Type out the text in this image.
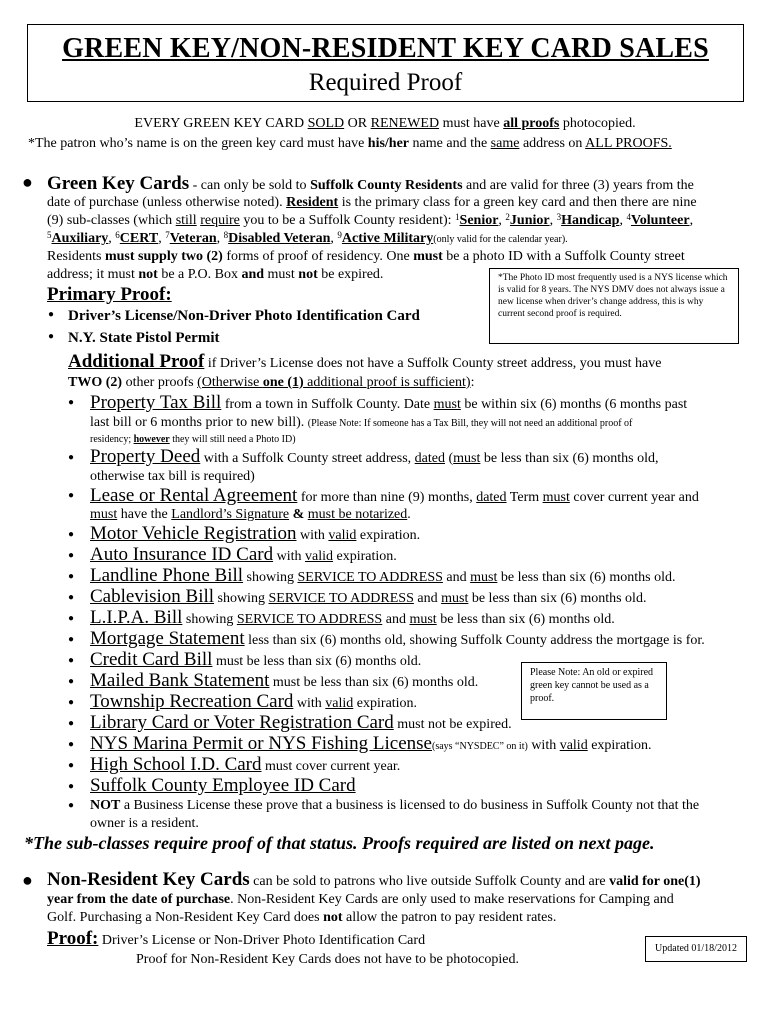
GREEN KEY/NON-RESIDENT KEY CARD SALES
Required Proof
EVERY GREEN KEY CARD SOLD OR RENEWED must have all proofs photocopied.
*The patron who’s name is on the green key card must have his/her name and the same address on ALL PROOFS.
● Green Key Cards - can only be sold to Suffolk County Residents and are valid for three (3) years from the
date of purchase (unless otherwise noted). Resident is the primary class for a green key card and then there are nine
(9) sub-classes (which still require you to be a Suffolk County resident): $^1$Senior, $^2$Junior, $^3$Handicap, $^4$Volunteer,
$^5$Auxiliary, $^6$CERT, $^7$Veteran, $^8$Disabled Veteran, $^9$Active Military(only valid for the calendar year).
Residents must supply two (2) forms of proof of residency. One must be a photo ID with a Suffolk County street
address; it must not be a P.O. Box and must not be expired.	*The Photo ID most frequently used is a NYS license which is valid for 8 years. The NYS DMV does not always issue a new license when driver’s change address, this is why current second proof is required.
Primary Proof:
● Driver’s License/Non-Driver Photo Identification Card
● N.Y. State Pistol Permit
Additional Proof if Driver’s License does not have a Suffolk County street address, you must have
TWO (2) other proofs (Otherwise one (1) additional proof is sufficient):
● Property Tax Bill from a town in Suffolk County. Date must be within six (6) months (6 months past
last bill or 6 months prior to new bill). (Please Note: If someone has a Tax Bill, they will not need an additional proof of
residency; however they will still need a Photo ID)
● Property Deed with a Suffolk County street address, dated (must be less than six (6) months old,
otherwise tax bill is required)
● Lease or Rental Agreement for more than nine (9) months, dated Term must cover current year and
must have the Landlord’s Signature & must be notarized.
● Motor Vehicle Registration with valid expiration.
● Auto Insurance ID Card with valid expiration.
● Landline Phone Bill showing SERVICE TO ADDRESS and must be less than six (6) months old.
● Cablevision Bill showing SERVICE TO ADDRESS and must be less than six (6) months old.
● L.I.P.A. Bill showing SERVICE TO ADDRESS and must be less than six (6) months old.
● Mortgage Statement less than six (6) months old, showing Suffolk County address the mortgage is for.
● Credit Card Bill must be less than six (6) months old.
● Mailed Bank Statement must be less than six (6) months old.
● Township Recreation Card with valid expiration.
● Library Card or Voter Registration Card must not be expired.
● NYS Marina Permit or NYS Fishing License(says “NYSDEC” on it) with valid expiration.
● High School I.D. Card must cover current year.
● Suffolk County Employee ID Card
● NOT a Business License these prove that a business is licensed to do business in Suffolk County not that the
owner is a resident.
Please Note: An old or expired green key cannot be used as a proof.
*The sub-classes require proof of that status. Proofs required are listed on next page.
● Non-Resident Key Cards can be sold to patrons who live outside Suffolk County and are valid for one(1)
year from the date of purchase. Non-Resident Key Cards are only used to make reservations for Camping and
Golf. Purchasing a Non-Resident Key Card does not allow the patron to pay resident rates.
Proof: Driver’s License or Non-Driver Photo Identification Card
Proof for Non-Resident Key Cards does not have to be photocopied.
Updated 01/18/2012
